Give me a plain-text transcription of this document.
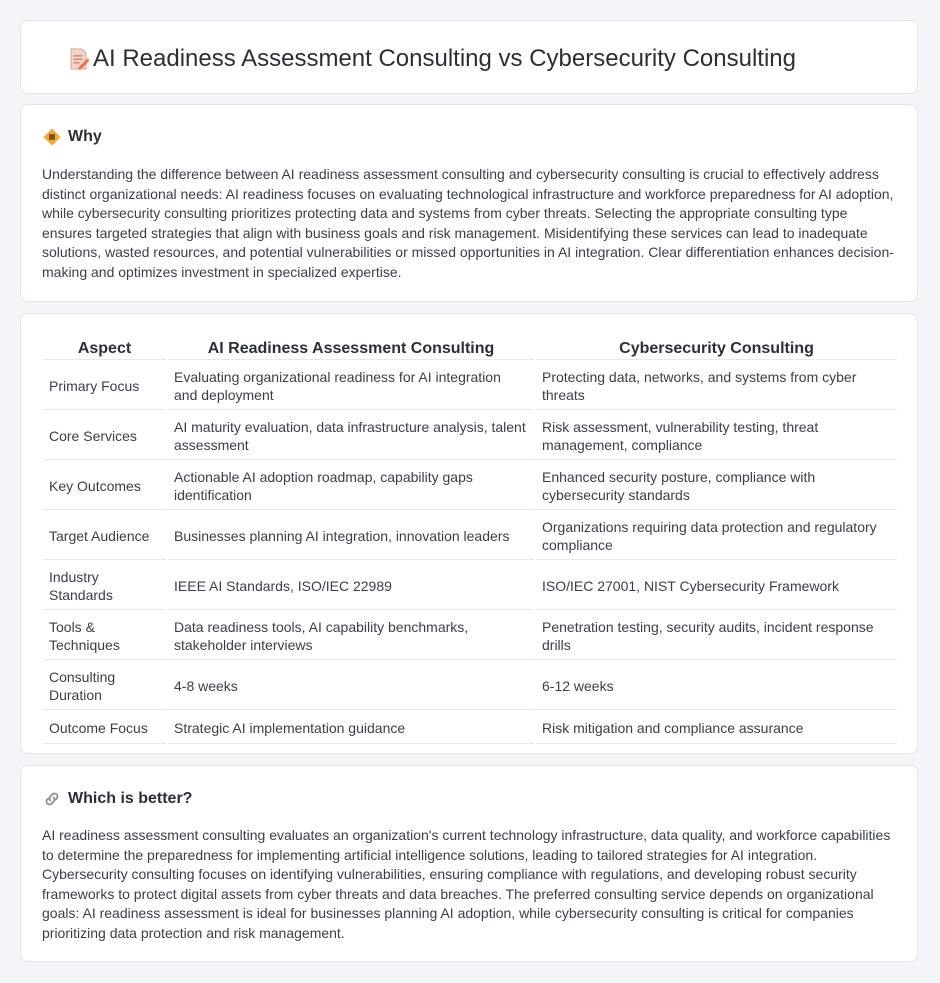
AI Readiness Assessment Consulting vs Cybersecurity Consulting
Why

Understanding the difference between AI readiness assessment consulting and cybersecurity consulting is crucial to effectively address distinct organizational needs: AI readiness focuses on evaluating technological infrastructure and workforce preparedness for AI adoption, while cybersecurity consulting prioritizes protecting data and systems from cyber threats. Selecting the appropriate consulting type ensures targeted strategies that align with business goals and risk management. Misidentifying these services can lead to inadequate solutions, wasted resources, and potential vulnerabilities or missed opportunities in AI integration. Clear differentiation enhances decision-making and optimizes investment in specialized expertise.

Aspect	AI Readiness Assessment Consulting	Cybersecurity Consulting
Primary Focus	Evaluating organizational readiness for AI integration and deployment	Protecting data, networks, and systems from cyber threats
Core Services	AI maturity evaluation, data infrastructure analysis, talent assessment	Risk assessment, vulnerability testing, threat management, compliance
Key Outcomes	Actionable AI adoption roadmap, capability gaps identification	Enhanced security posture, compliance with cybersecurity standards
Target Audience	Businesses planning AI integration, innovation leaders	Organizations requiring data protection and regulatory compliance
Industry Standards	IEEE AI Standards, ISO/IEC 22989	ISO/IEC 27001, NIST Cybersecurity Framework
Tools & Techniques	Data readiness tools, AI capability benchmarks, stakeholder interviews	Penetration testing, security audits, incident response drills
Consulting Duration	4-8 weeks	6-12 weeks
Outcome Focus	Strategic AI implementation guidance	Risk mitigation and compliance assurance
Which is better?

AI readiness assessment consulting evaluates an organization's current technology infrastructure, data quality, and workforce capabilities to determine the preparedness for implementing artificial intelligence solutions, leading to tailored strategies for AI integration. Cybersecurity consulting focuses on identifying vulnerabilities, ensuring compliance with regulations, and developing robust security frameworks to protect digital assets from cyber threats and data breaches. The preferred consulting service depends on organizational goals: AI readiness assessment is ideal for businesses planning AI adoption, while cybersecurity consulting is critical for companies prioritizing data protection and risk management.
